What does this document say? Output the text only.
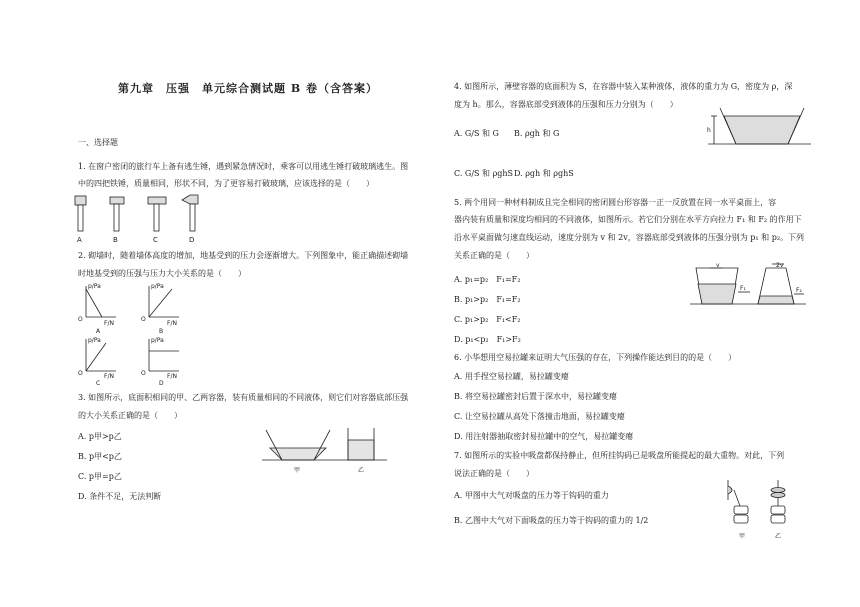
第九章　压强　单元综合测试题 B 卷（含答案）
一、选择题
1. 在窗户密闭的旅行车上备有逃生锤，遇到紧急情况时，乘客可以用逃生锤打破玻璃逃生。图
中的四把铁锤，质量相同，形状不同，为了更容易打破玻璃，应该选择的是（　　）
A	B	C	D
2. 砌墙时，随着墙体高度的增加，地基受到的压力会逐渐增大。下列图象中，能正确描述砌墙
时地基受到的压强与压力大小关系的是（　　）
p/Pa
F/N
O
A
p/Pa
F/N
O
B
p/Pa
F/N
O
C
p/Pa
F/N
O
D
3. 如图所示，底面积相同的甲、乙两容器，装有质量相同的不同液体，则它们对容器底部压强
的大小关系正确的是（　　）
A. p甲>p乙
B. p甲<p乙
C. p甲=p乙
D. 条件不足，无法判断
甲	乙
4. 如图所示，薄壁容器的底面积为 S，在容器中装入某种液体，液体的重力为 G，密度为 ρ，深
度为 h。那么，容器底部受到液体的压强和压力分别为（　　）
A. G/S 和 G B. ρgh 和 G
C. G/S 和 ρghS D. ρgh 和 ρghS
h
5. 两个用同一种材料制成且完全相同的密闭圆台形容器一正一反放置在同一水平桌面上，容
器内装有质量和深度均相同的不同液体，如图所示。若它们分别在水平方向拉力 F₁ 和 F₂ 的作用下
沿水平桌面做匀速直线运动，速度分别为 v 和 2v，容器底部受到液体的压强分别为 p₁ 和 p₂。下列
关系正确的是（　　）
A. p₁=p₂　F₁=F₂
B. p₁>p₂　F₁=F₂
C. p₁>p₂　F₁<F₂
D. p₁<p₂　F₁>F₂
v	2v
F₁	F₂
6. 小华想用空易拉罐来证明大气压强的存在，下列操作能达到目的的是（　　）
A. 用手捏空易拉罐，易拉罐变瘪
B. 将空易拉罐密封后置于深水中，易拉罐变瘪
C. 让空易拉罐从高处下落撞击地面，易拉罐变瘪
D. 用注射器抽取密封易拉罐中的空气，易拉罐变瘪
7. 如图所示的实验中吸盘都保持静止，但所挂钩码已是吸盘所能提起的最大重物。对此，下列
说法正确的是（　　）
A. 甲图中大气对吸盘的压力等于钩码的重力
B. 乙图中大气对下面吸盘的压力等于钩码的重力的 1/2
甲	乙
